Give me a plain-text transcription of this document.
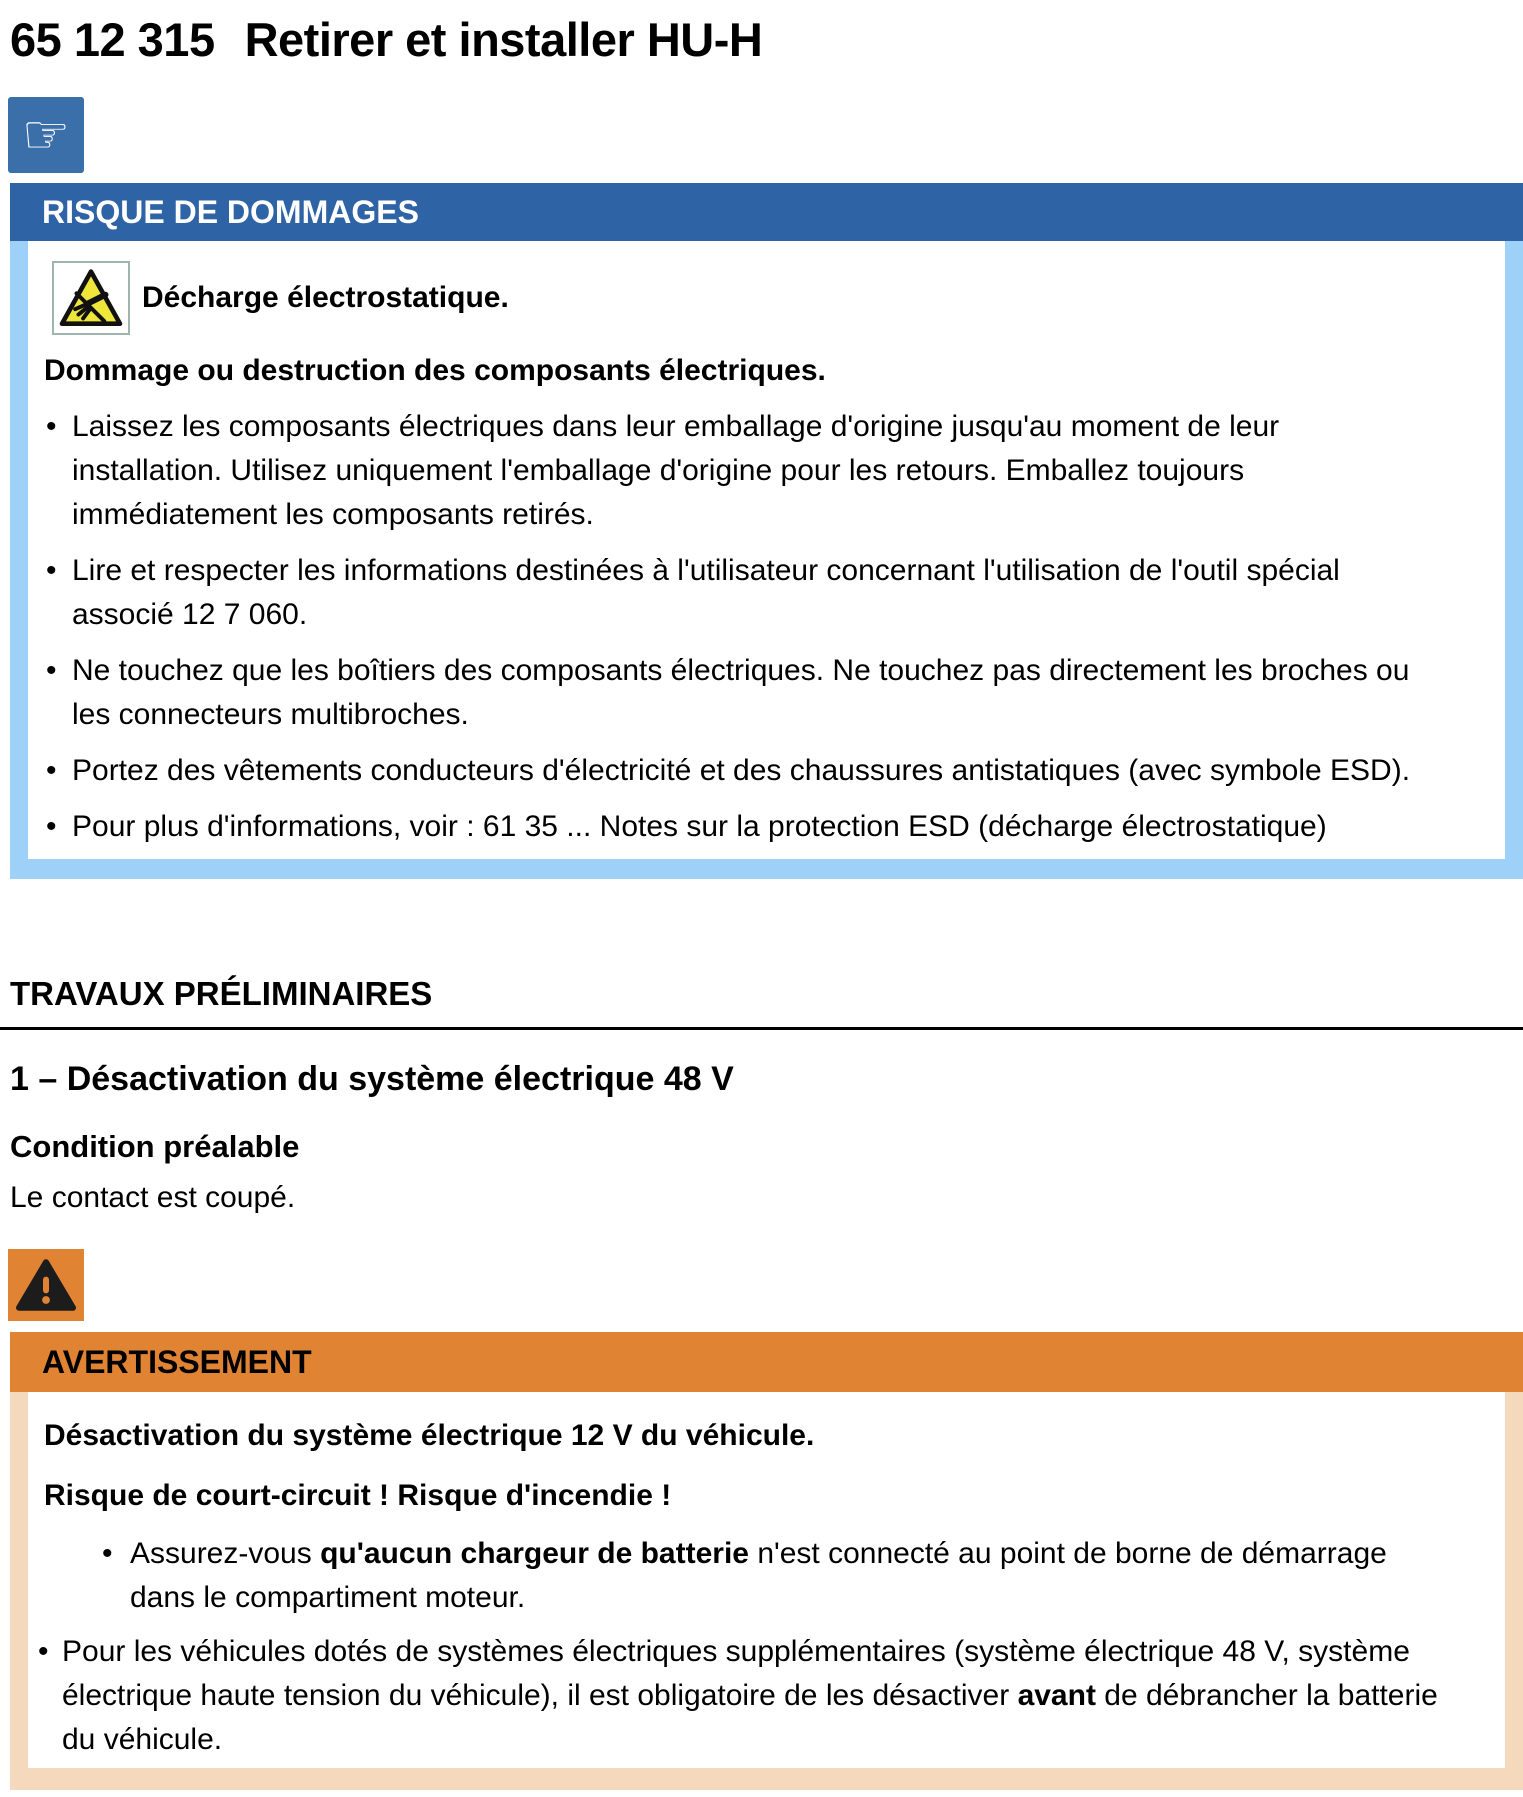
65 12 315 Retirer et installer HU-H
☞
RISQUE DE DOMMAGES
Décharge électrostatique.
Dommage ou destruction des composants électriques.
• Laissez les composants électriques dans leur emballage d'origine jusqu'au moment de leur installation. Utilisez uniquement l'emballage d'origine pour les retours. Emballez toujours immédiatement les composants retirés.
• Lire et respecter les informations destinées à l'utilisateur concernant l'utilisation de l'outil spécial associé 12 7 060.
• Ne touchez que les boîtiers des composants électriques. Ne touchez pas directement les broches ou les connecteurs multibroches.
• Portez des vêtements conducteurs d'électricité et des chaussures antistatiques (avec symbole ESD).
• Pour plus d'informations, voir : 61 35 ... Notes sur la protection ESD (décharge électrostatique)
TRAVAUX PRÉLIMINAIRES
1 – Désactivation du système électrique 48 V
Condition préalable

Le contact est coupé.

AVERTISSEMENT
Désactivation du système électrique 12 V du véhicule.
Risque de court-circuit ! Risque d'incendie !
• Assurez-vous qu'aucun chargeur de batterie n'est connecté au point de borne de démarrage dans le compartiment moteur.
• Pour les véhicules dotés de systèmes électriques supplémentaires (système électrique 48 V, système électrique haute tension du véhicule), il est obligatoire de les désactiver avant de débrancher la batterie du véhicule.
